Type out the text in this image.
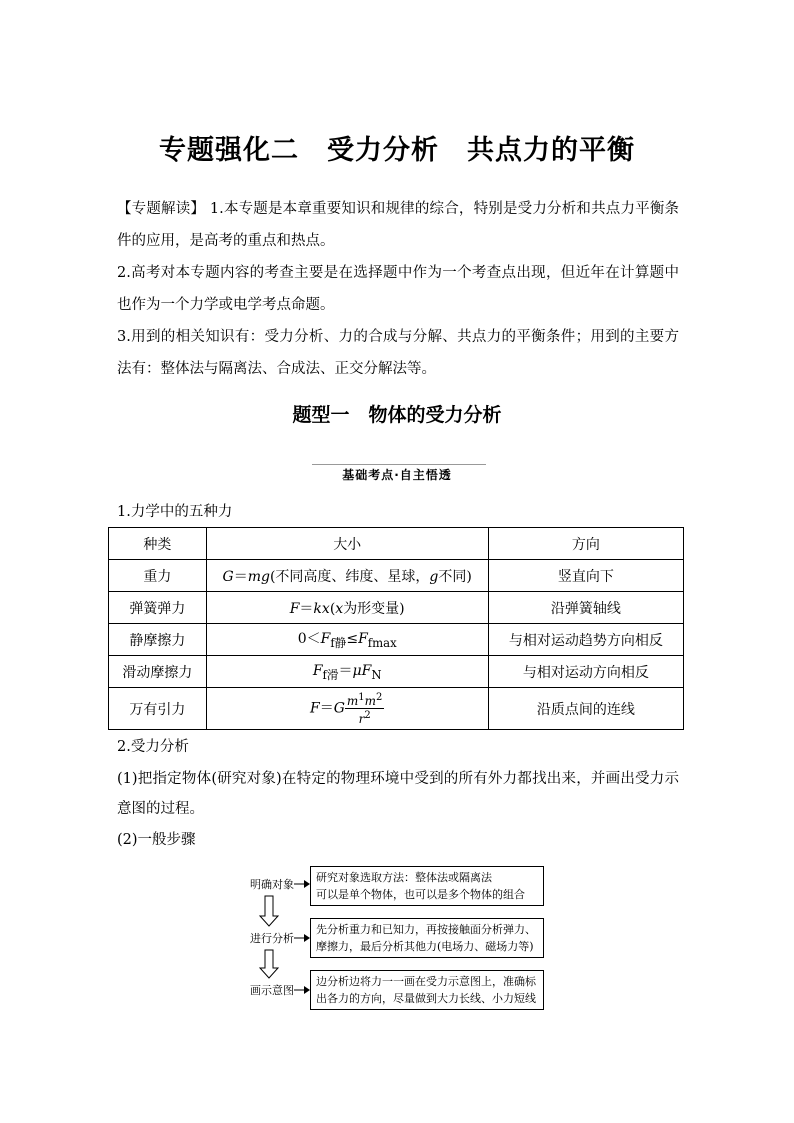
专题强化二　受力分析　共点力的平衡
【专题解读】 1.本专题是本章重要知识和规律的综合，特别是受力分析和共点力平衡条件的应用，是高考的重点和热点。
2.高考对本专题内容的考查主要是在选择题中作为一个考查点出现，但近年在计算题中也作为一个力学或电学考点命题。
3.用到的相关知识有：受力分析、力的合成与分解、共点力的平衡条件；用到的主要方法有：整体法与隔离法、合成法、正交分解法等。
题型一　物体的受力分析
基础考点·自主悟透
1.力学中的五种力
种类	大小	方向
重力	G＝mg(不同高度、纬度、星球，g不同)	竖直向下
弹簧弹力	F＝kx(x为形变量)	沿弹簧轴线
静摩擦力	$0<F_{f静}\le F_{fmax}$	与相对运动趋势方向相反
滑动摩擦力	$F_{f滑}=\mu F_N$	与相对运动方向相反
万有引力	$F=G \frac{m^1m^2}{r^2}$	沿质点间的连线
2.受力分析
(1)把指定物体(研究对象)在特定的物理环境中受到的所有外力都找出来，并画出受力示意图的过程。
(2)一般步骤
明确对象
进行分析
画示意图
研究对象选取方法：整体法或隔离法
可以是单个物体，也可以是多个物体的组合
先分析重力和已知力，再按接触面分析弹力、
摩擦力，最后分析其他力(电场力、磁场力等)
边分析边将力一一画在受力示意图上，准确标
出各力的方向，尽量做到大力长线、小力短线
